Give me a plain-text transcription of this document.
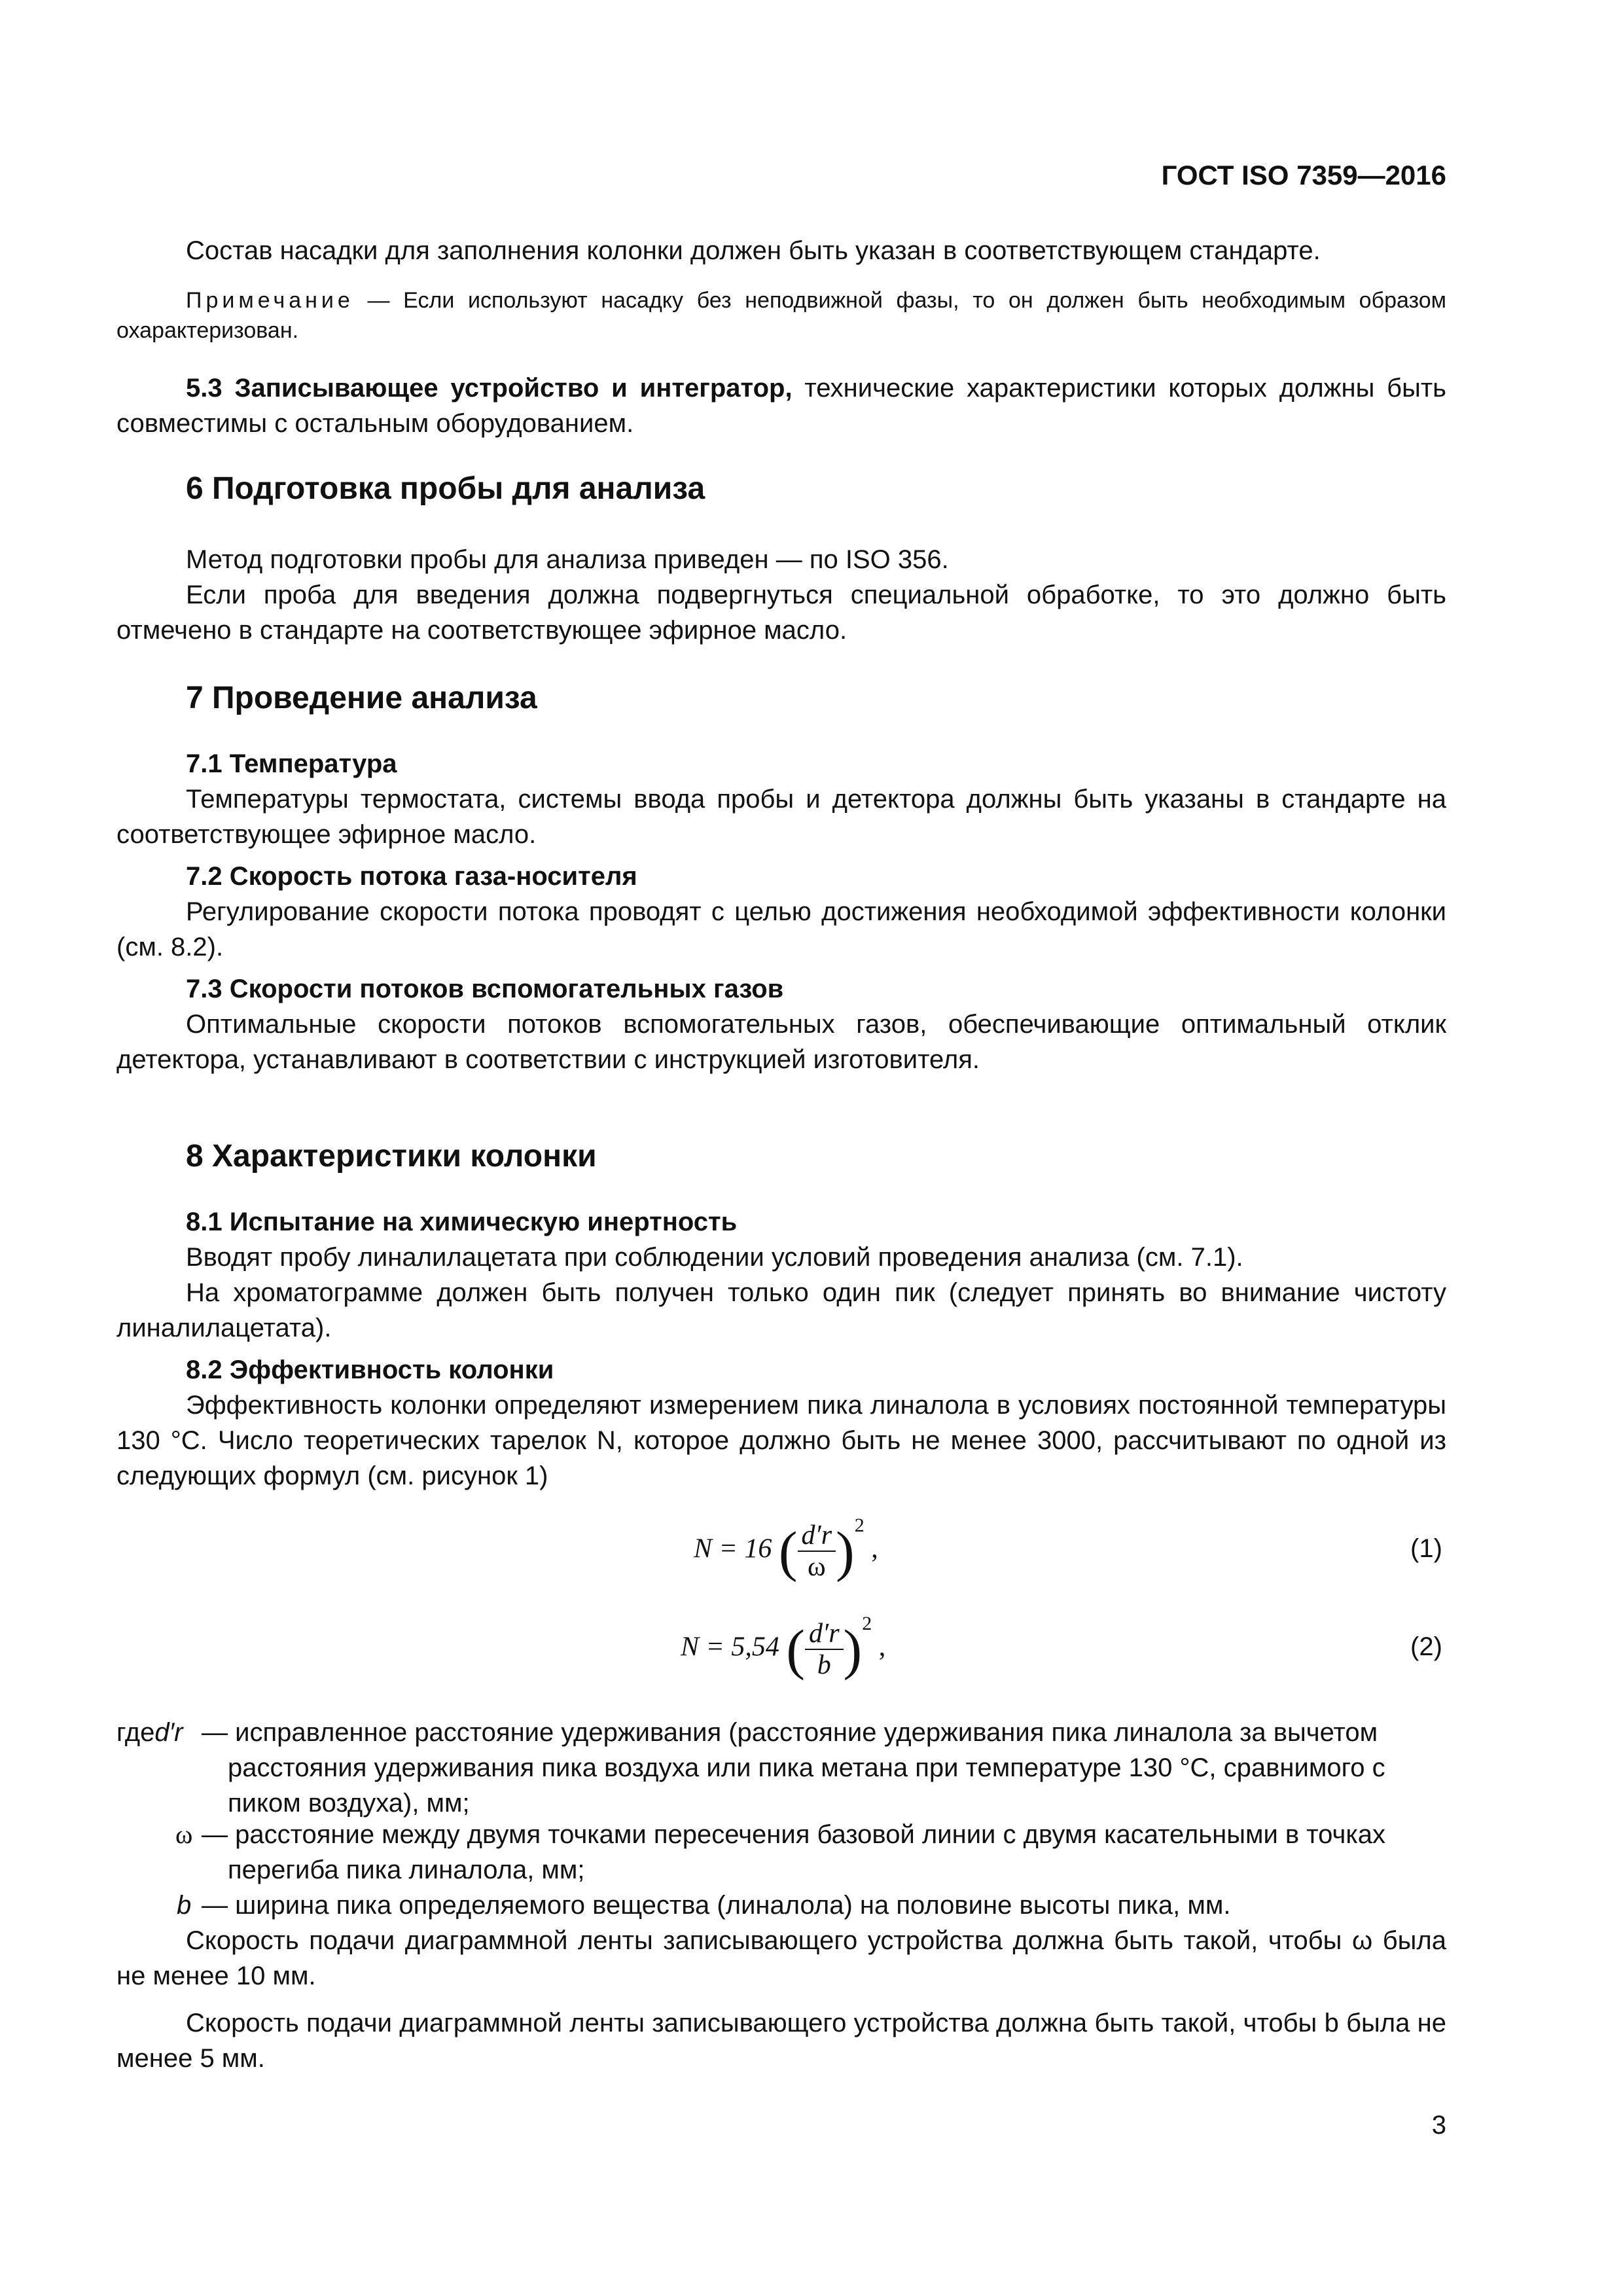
ГОСТ ISO 7359—2016

Состав насадки для заполнения колонки должен быть указан в соответствующем стандарте.

Примечание — Если используют насадку без неподвижной фазы, то он должен быть необходимым образом охарактеризован.

5.3 Записывающее устройство и интегратор, технические характеристики которых должны быть совместимы с остальным оборудованием.

6 Подготовка пробы для анализа

Метод подготовки пробы для анализа приведен — по ISO 356.

Если проба для введения должна подвергнуться специальной обработке, то это должно быть отмечено в стандарте на соответствующее эфирное масло.

7 Проведение анализа
7.1 Температура

Температуры термостата, системы ввода пробы и детектора должны быть указаны в стандарте на соответствующее эфирное масло.

7.2 Скорость потока газа-носителя

Регулирование скорости потока проводят с целью достижения необходимой эффективности колонки (см. 8.2).

7.3 Скорости потоков вспомогательных газов

Оптимальные скорости потоков вспомогательных газов, обеспечивающие оптимальный отклик детектора, устанавливают в соответствии с инструкцией изготовителя.

8 Характеристики колонки
8.1 Испытание на химическую инертность

Вводят пробу линалилацетата при соблюдении условий проведения анализа (см. 7.1).

На хроматограмме должен быть получен только один пик (следует принять во внимание чистоту линалилацетата).

8.2 Эффективность колонки

Эффективность колонки определяют измерением пика линалола в условиях постоянной температуры 130 °С. Число теоретических тарелок N, которое должно быть не менее 3000, рассчитывают по одной из следующих формул (см. рисунок 1)

N = 16 ( $\frac{d'r}{\omega} )^2$ ,	(1)
N = 5,54 ( $\frac{d'r}{b} )^2$ ,	(2)
гдеd′r — исправленное расстояние удерживания (расстояние удерживания пика линалола за вычетом расстояния удерживания пика воздуха или пика метана при температуре 130 °С, сравнимого с пиком воздуха), мм;
ω — расстояние между двумя точками пересечения базовой линии с двумя касательными в точках перегиба пика линалола, мм;
b — ширина пика определяемого вещества (линалола) на половине высоты пика, мм.

Скорость подачи диаграммной ленты записывающего устройства должна быть такой, чтобы ω была не менее 10 мм.

Скорость подачи диаграммной ленты записывающего устройства должна быть такой, чтобы b была не менее 5 мм.

3
